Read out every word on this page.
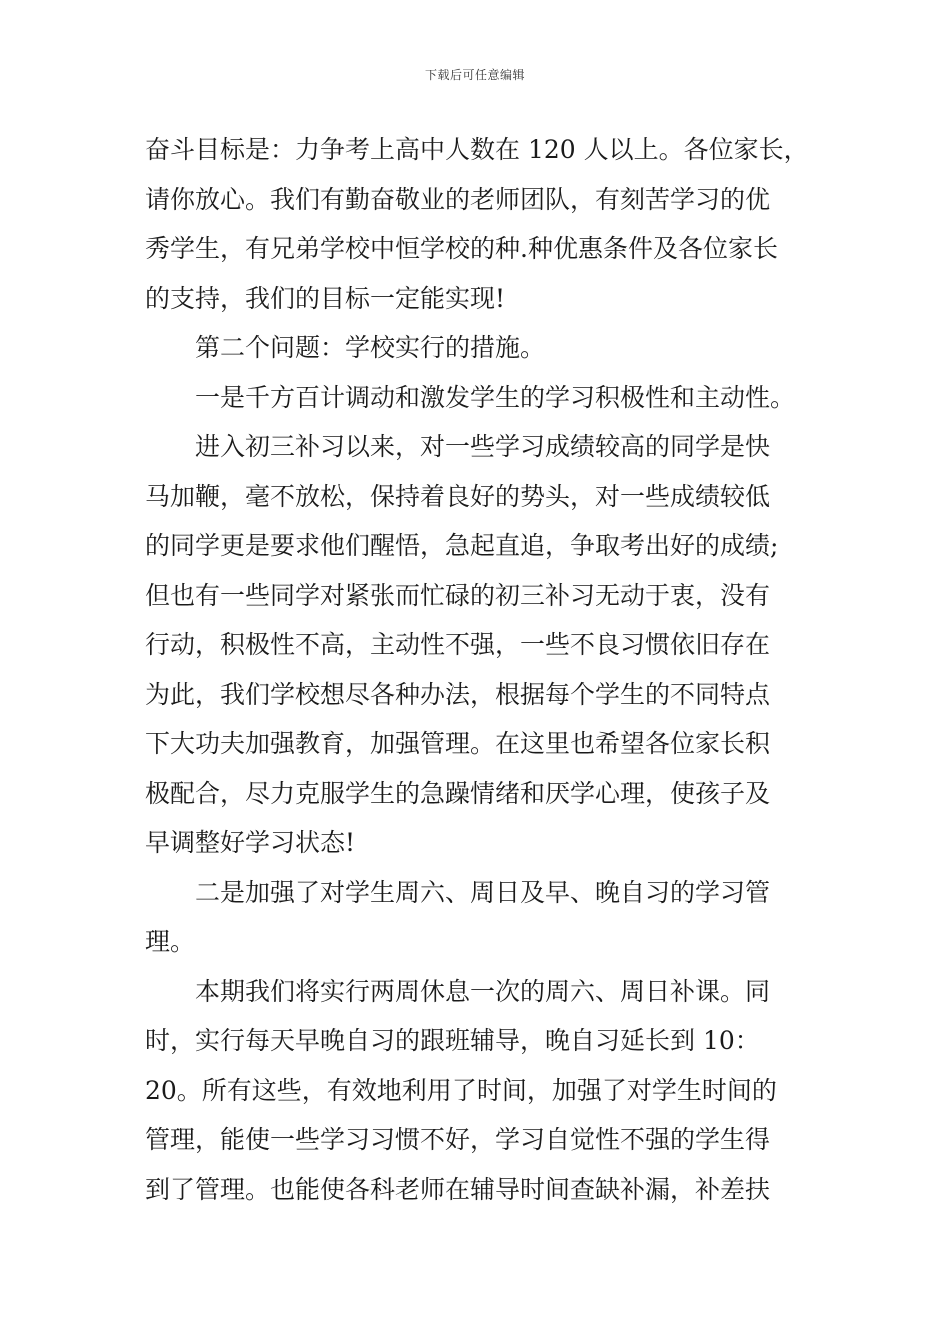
下载后可任意编辑
奋斗目标是：力争考上高中人数在 120 人以上。各位家长，
请你放心。我们有勤奋敬业的老师团队，有刻苦学习的优
秀学生，有兄弟学校中恒学校的种.种优惠条件及各位家长
的支持，我们的目标一定能实现!
第二个问题：学校实行的措施。
一是千方百计调动和激发学生的学习积极性和主动性。
进入初三补习以来，对一些学习成绩较高的同学是快
马加鞭，毫不放松，保持着良好的势头，对一些成绩较低
的同学更是要求他们醒悟，急起直追，争取考出好的成绩;
但也有一些同学对紧张而忙碌的初三补习无动于衷，没有
行动，积极性不高，主动性不强，一些不良习惯依旧存在
为此，我们学校想尽各种办法，根据每个学生的不同特点
下大功夫加强教育，加强管理。在这里也希望各位家长积
极配合，尽力克服学生的急躁情绪和厌学心理，使孩子及
早调整好学习状态!
二是加强了对学生周六、周日及早、晚自习的学习管
理。
本期我们将实行两周休息一次的周六、周日补课。同
时，实行每天早晚自习的跟班辅导，晚自习延长到 10：
20。所有这些，有效地利用了时间，加强了对学生时间的
管理，能使一些学习习惯不好，学习自觉性不强的学生得
到了管理。也能使各科老师在辅导时间查缺补漏，补差扶
